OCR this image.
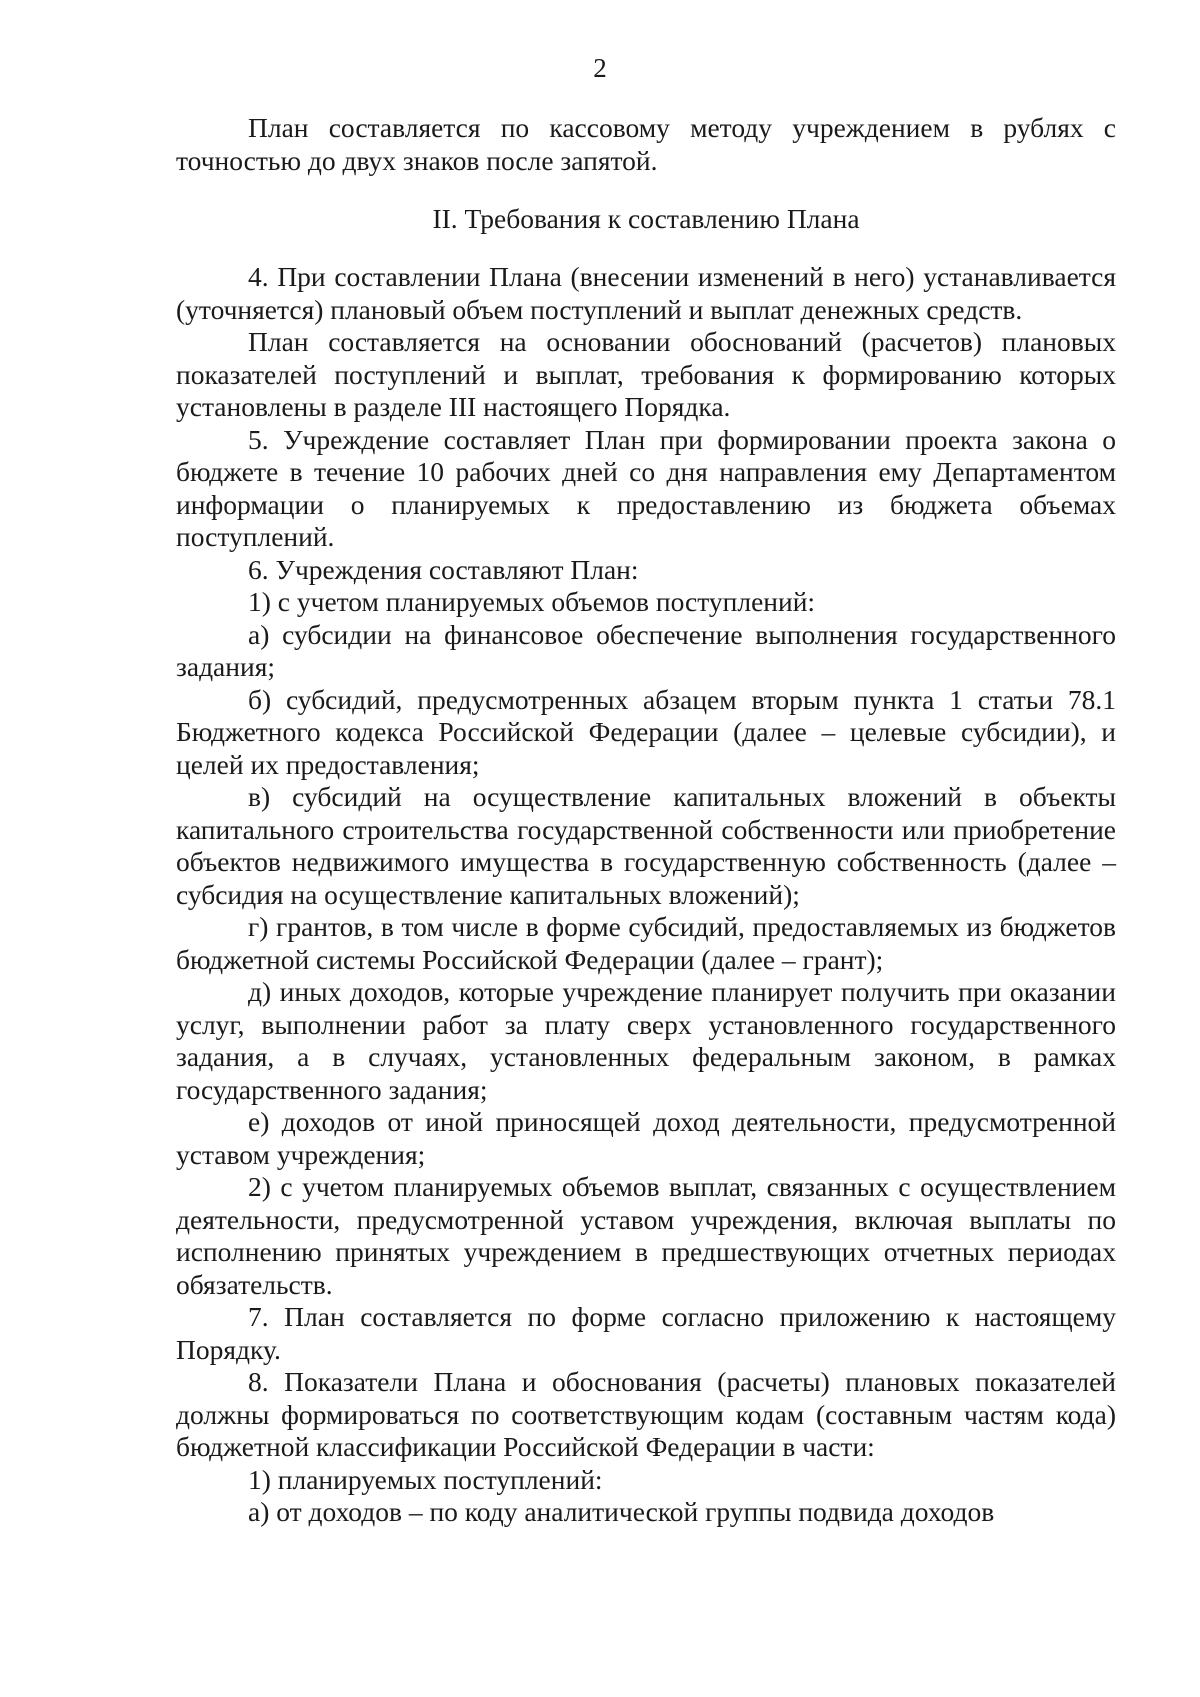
2

План составляется по кассовому методу учреждением в рублях с точностью до двух знаков после запятой.

II. Требования к составлению Плана

4. При составлении Плана (внесении изменений в него) устанавливается (уточняется) плановый объем поступлений и выплат денежных средств.

План составляется на основании обоснований (расчетов) плановых показателей поступлений и выплат, требования к формированию которых установлены в разделе III настоящего Порядка.

5. Учреждение составляет План при формировании проекта закона о бюджете в течение 10 рабочих дней со дня направления ему Департаментом информации о планируемых к предоставлению из бюджета объемах поступлений.

6. Учреждения составляют План:

1) с учетом планируемых объемов поступлений:

а) субсидии на финансовое обеспечение выполнения государственного задания;

б) субсидий, предусмотренных абзацем вторым пункта 1 статьи 78.1 Бюджетного кодекса Российской Федерации (далее – целевые субсидии), и целей их предоставления;

в) субсидий на осуществление капитальных вложений в объекты капитального строительства государственной собственности или приобретение объектов недвижимого имущества в государственную собственность (далее – субсидия на осуществление капитальных вложений);

г) грантов, в том числе в форме субсидий, предоставляемых из бюджетов бюджетной системы Российской Федерации (далее – грант);

д) иных доходов, которые учреждение планирует получить при оказании услуг, выполнении работ за плату сверх установленного государственного задания, а в случаях, установленных федеральным законом, в рамках государственного задания;

е) доходов от иной приносящей доход деятельности, предусмотренной уставом учреждения;

2) с учетом планируемых объемов выплат, связанных с осуществлением деятельности, предусмотренной уставом учреждения, включая выплаты по исполнению принятых учреждением в предшествующих отчетных периодах обязательств.

7. План составляется по форме согласно приложению к настоящему Порядку.

8. Показатели Плана и обоснования (расчеты) плановых показателей должны формироваться по соответствующим кодам (составным частям кода) бюджетной классификации Российской Федерации в части:

1) планируемых поступлений:

а) от доходов – по коду аналитической группы подвида доходов
